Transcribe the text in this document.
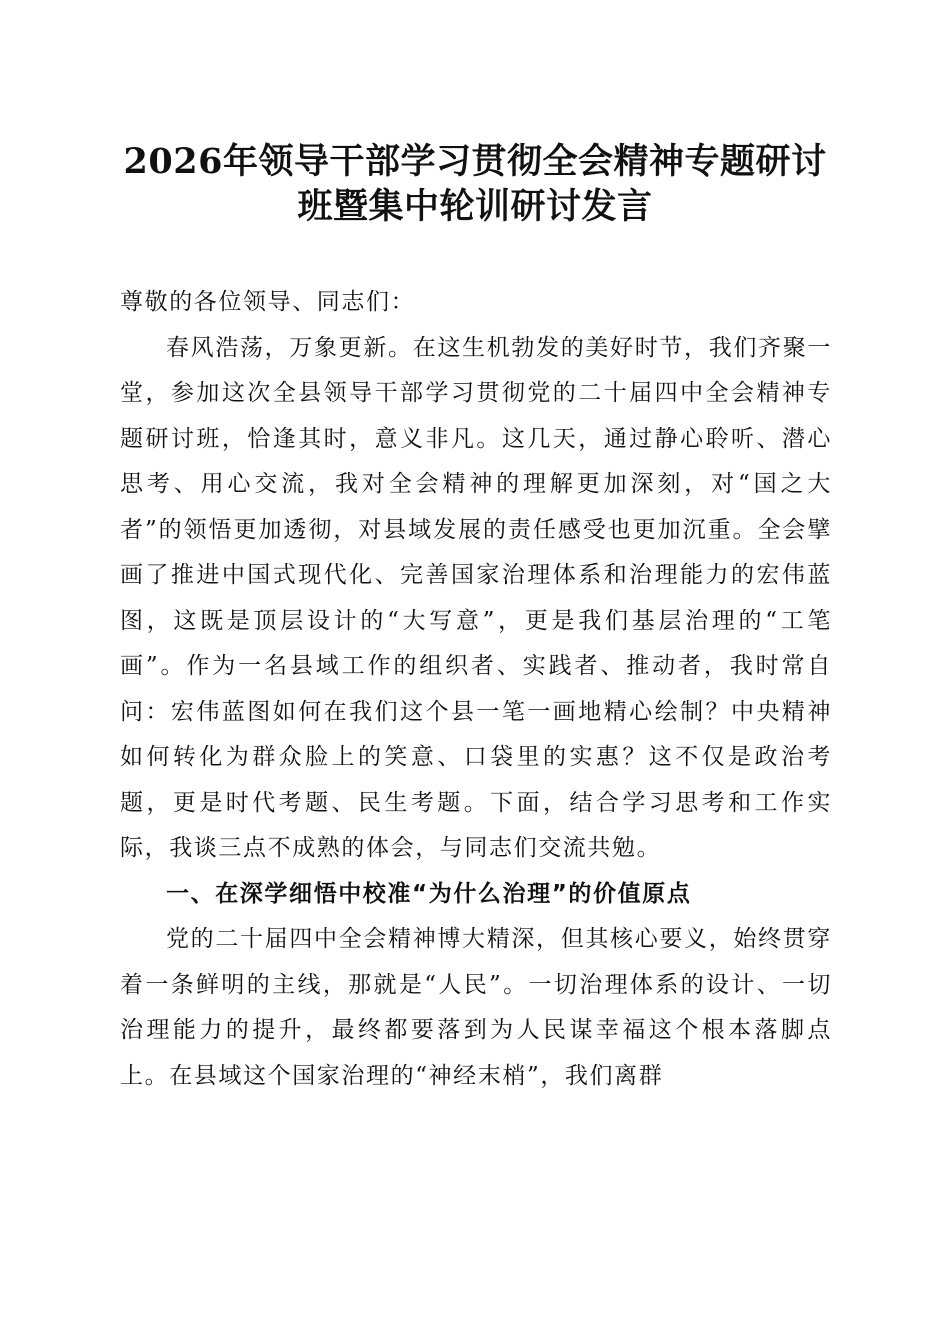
2026年领导干部学习贯彻全会精神专题研讨
班暨集中轮训研讨发言

尊敬的各位领导、同志们：

春风浩荡，万象更新。在这生机勃发的美好时节，我们齐聚一堂，参加这次全县领导干部学习贯彻党的二十届四中全会精神专题研讨班，恰逢其时，意义非凡。这几天，通过静心聆听、潜心思考、用心交流，我对全会精神的理解更加深刻，对“国之大者”的领悟更加透彻，对县域发展的责任感受也更加沉重。全会擘画了推进中国式现代化、完善国家治理体系和治理能力的宏伟蓝图，这既是顶层设计的“大写意”，更是我们基层治理的“工笔画”。作为一名县域工作的组织者、实践者、推动者，我时常自问：宏伟蓝图如何在我们这个县一笔一画地精心绘制？中央精神如何转化为群众脸上的笑意、口袋里的实惠？这不仅是政治考题，更是时代考题、民生考题。下面，结合学习思考和工作实际，我谈三点不成熟的体会，与同志们交流共勉。

一、在深学细悟中校准“为什么治理”的价值原点

党的二十届四中全会精神博大精深，但其核心要义，始终贯穿着一条鲜明的主线，那就是“人民”。一切治理体系的设计、一切治理能力的提升，最终都要落到为人民谋幸福这个根本落脚点上。在县域这个国家治理的“神经末梢”，我们离群
